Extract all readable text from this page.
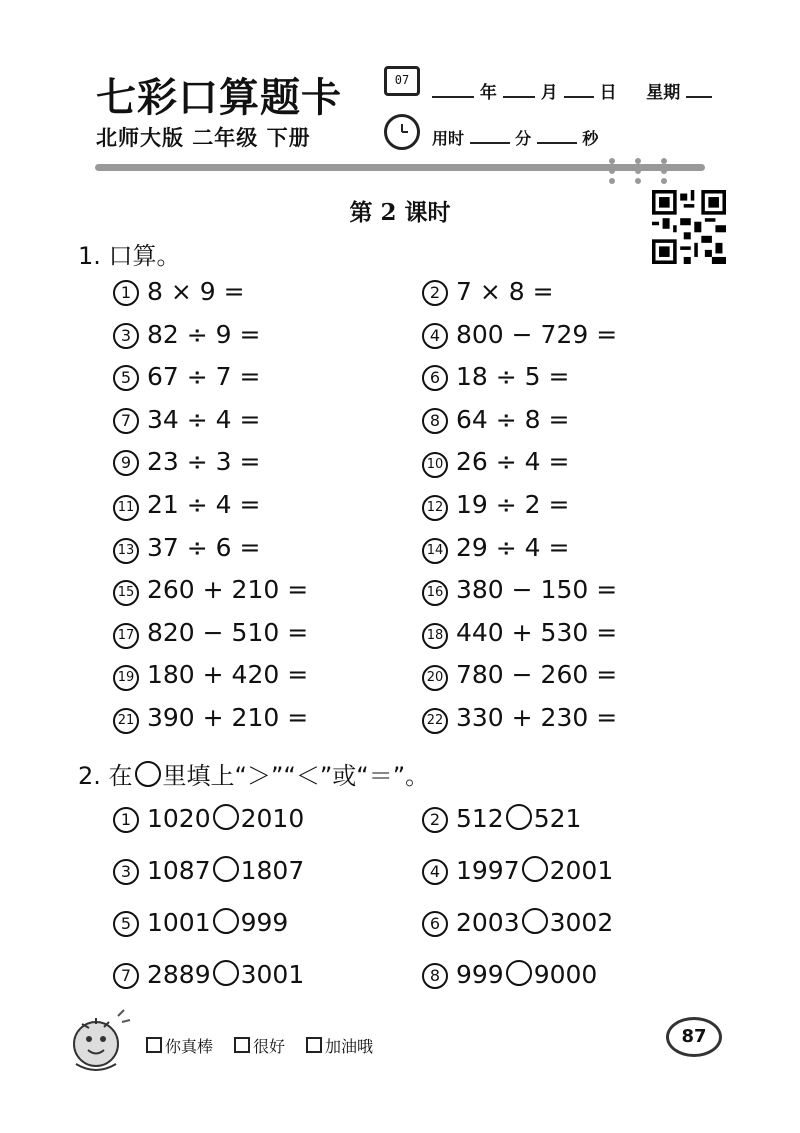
七彩口算题卡
北师大版 二年级 下册
07
年	月 日 星期
用时	分	秒
第 2 课时
1. 口算。
1 8 × 9 =	2 7 × 8 =
3 82 ÷ 9 =	4 800 − 729 =
5 67 ÷ 7 =	6 18 ÷ 5 =
7 34 ÷ 4 =	8 64 ÷ 8 =
9 23 ÷ 3 =	10 26 ÷ 4 =
11 21 ÷ 4 =	12 19 ÷ 2 =
13 37 ÷ 6 =	14 29 ÷ 4 =
15 260 + 210 =	16 380 − 150 =
17 820 − 510 =	18 440 + 530 =
19 180 + 420 =	20 780 − 260 =
21 390 + 210 =	22 330 + 230 =
2. 在 里填上“＞”“＜”或“＝”。
1 1020 2010	2 512 521
3 1087 1807	4 1997 2001
5 1001 999	6 2003 3002
7 2889 3001	8 999 9000
你真棒	很好	加油哦	87
